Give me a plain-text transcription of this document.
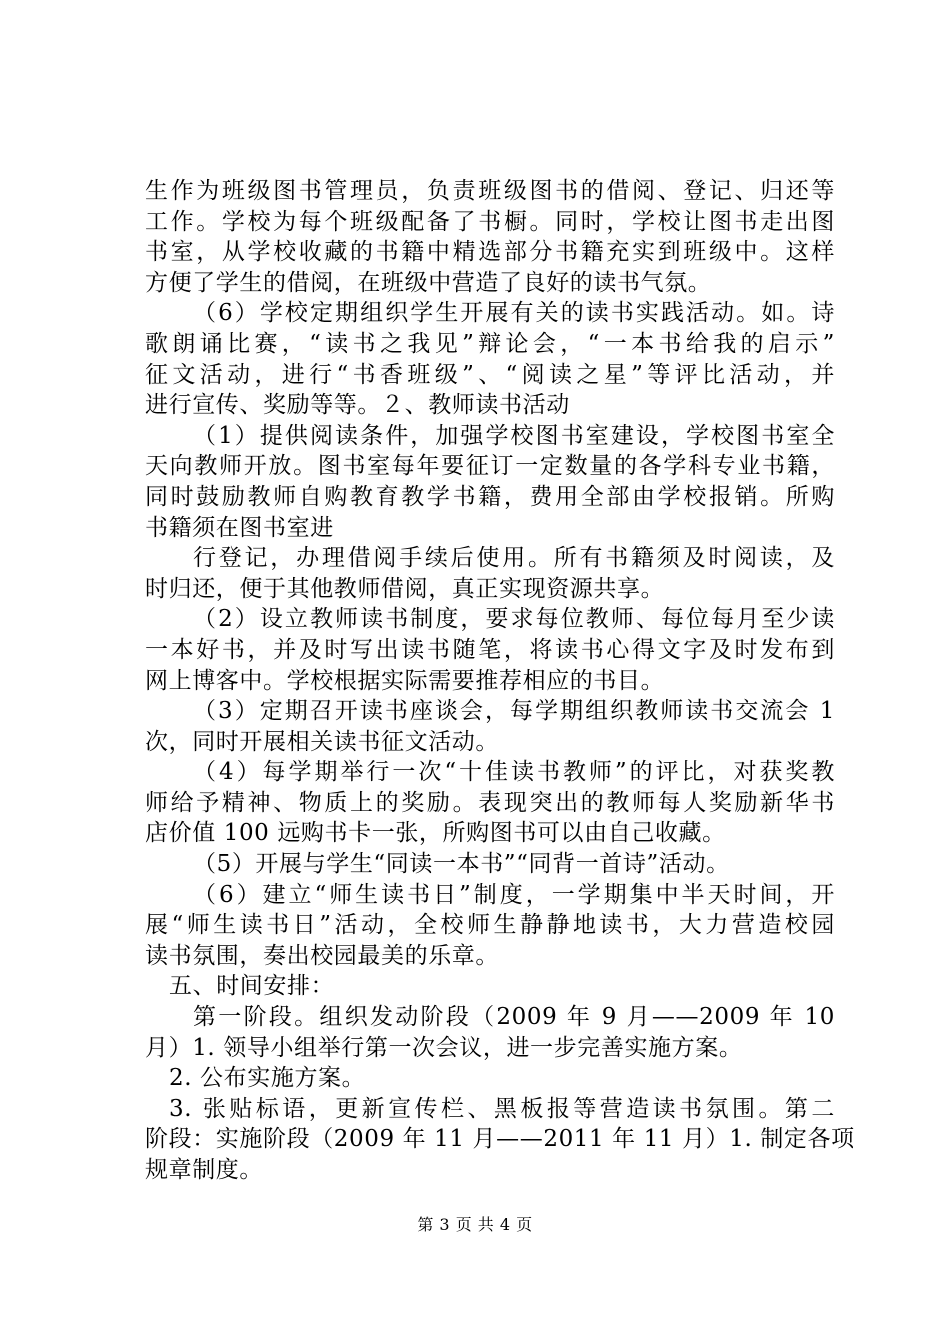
生作为班级图书管理员，负责班级图书的借阅、登记、归还等
工作。学校为每个班级配备了书橱。同时，学校让图书走出图
书室，从学校收藏的书籍中精选部分书籍充实到班级中。这样
方便了学生的借阅，在班级中营造了良好的读书气氛。
（6）学校定期组织学生开展有关的读书实践活动。如。诗
歌朗诵比赛，“读书之我见”辩论会，“一本书给我的启示”
征文活动，进行“书香班级”、“阅读之星”等评比活动，并
进行宣传、奖励等等。２、教师读书活动
（1）提供阅读条件，加强学校图书室建设，学校图书室全
天向教师开放。图书室每年要征订一定数量的各学科专业书籍，
同时鼓励教师自购教育教学书籍，费用全部由学校报销。所购
书籍须在图书室进
行登记，办理借阅手续后使用。所有书籍须及时阅读，及
时归还，便于其他教师借阅，真正实现资源共享。
（2）设立教师读书制度，要求每位教师、每位每月至少读
一本好书，并及时写出读书随笔，将读书心得文字及时发布到
网上博客中。学校根据实际需要推荐相应的书目。
（3）定期召开读书座谈会，每学期组织教师读书交流会 1
次，同时开展相关读书征文活动。
（4）每学期举行一次“十佳读书教师”的评比，对获奖教
师给予精神、物质上的奖励。表现突出的教师每人奖励新华书
店价值 100 远购书卡一张，所购图书可以由自己收藏。
（5）开展与学生“同读一本书”“同背一首诗”活动。
（6）建立“师生读书日”制度，一学期集中半天时间，开
展“师生读书日”活动，全校师生静静地读书，大力营造校园
读书氛围，奏出校园最美的乐章。
五、时间安排：
第一阶段。组织发动阶段（2009 年 9 月——2009 年 10
月）1. 领导小组举行第一次会议，进一步完善实施方案。
2. 公布实施方案。
3. 张贴标语，更新宣传栏、黑板报等营造读书氛围。第二
阶段：实施阶段（2009 年 11 月——2011 年 11 月）1. 制定各项
规章制度。
第 3 页 共 4 页
